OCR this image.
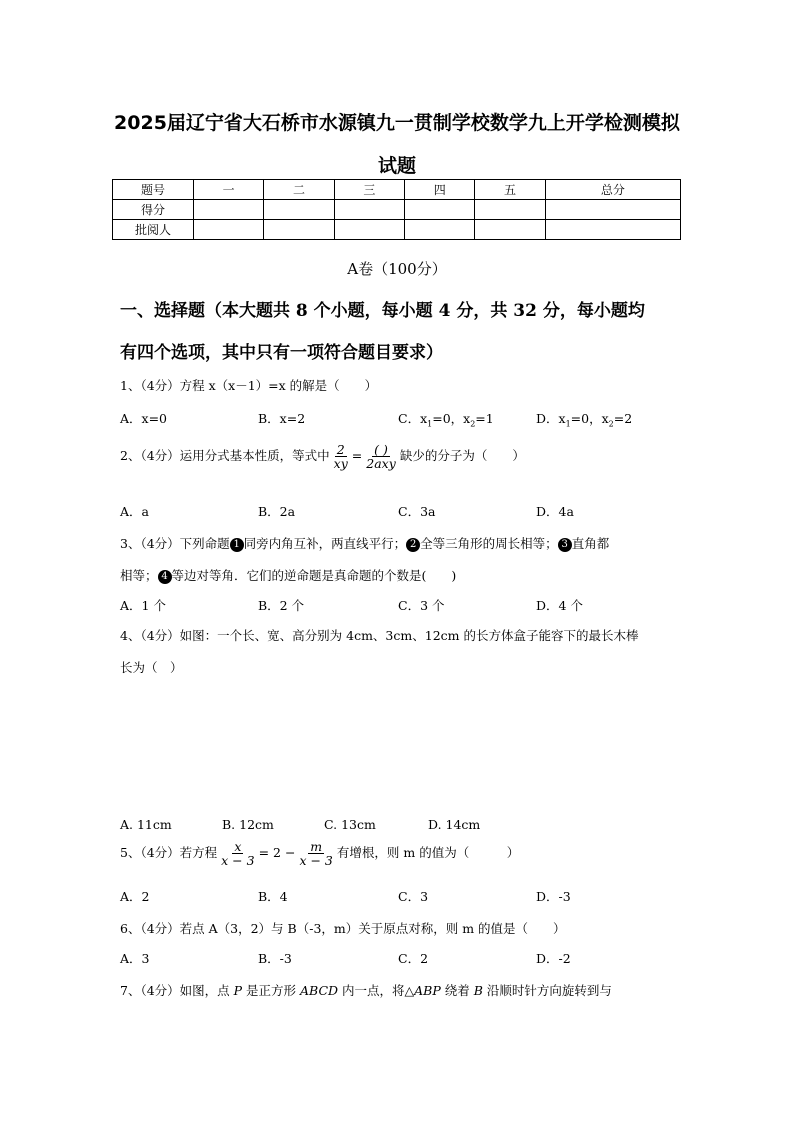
2025届辽宁省大石桥市水源镇九一贯制学校数学九上开学检测模拟
试题
题号	一	二	三	四	五	总分
得分						
批阅人						
A卷（100分）
一、选择题（本大题共 8 个小题，每小题 4 分，共 32 分，每小题均
有四个选项，其中只有一项符合题目要求）
1、（4分）方程 x（x－1）=x 的解是（　　）
A．x=0	B．x=2	C．$x_1=0$，$x_2=1$	D．$x_1=0$，$x_2=2$
2、（4分）运用分式基本性质，等式中 $\frac{2}{xy} = \frac{( )}{\text{2axy}}$ 缺少的分子为（　　）
A．a	B．2a	C．3a	D．4a
3、（4分）下列命题 1 同旁内角互补，两直线平行； 2 全等三角形的周长相等； 3 直角都
相等； 4 等边对等角．它们的逆命题是真命题的个数是(　　)
A．1 个	B．2 个	C．3 个	D．4 个
4、（4分）如图：一个长、宽、高分别为 4cm、3cm、12cm 的长方体盒子能容下的最长木棒
长为（　）
A. 11cm	B. 12cm	C. 13cm	D. 14cm
5、（4分）若方程 $\frac{x}{x - 3} = 2 - \frac{m}{x - 3}$ 有增根，则 m 的值为（　　　）
A．2	B．4	C．3	D．-3
6、（4分）若点 A（3，2）与 B（-3，m）关于原点对称，则 m 的值是（　　）
A．3	B．-3	C．2	D．-2
7、（4分）如图，点 P 是正方形 ABCD 内一点，将△ABP 绕着 B 沿顺时针方向旋转到与
